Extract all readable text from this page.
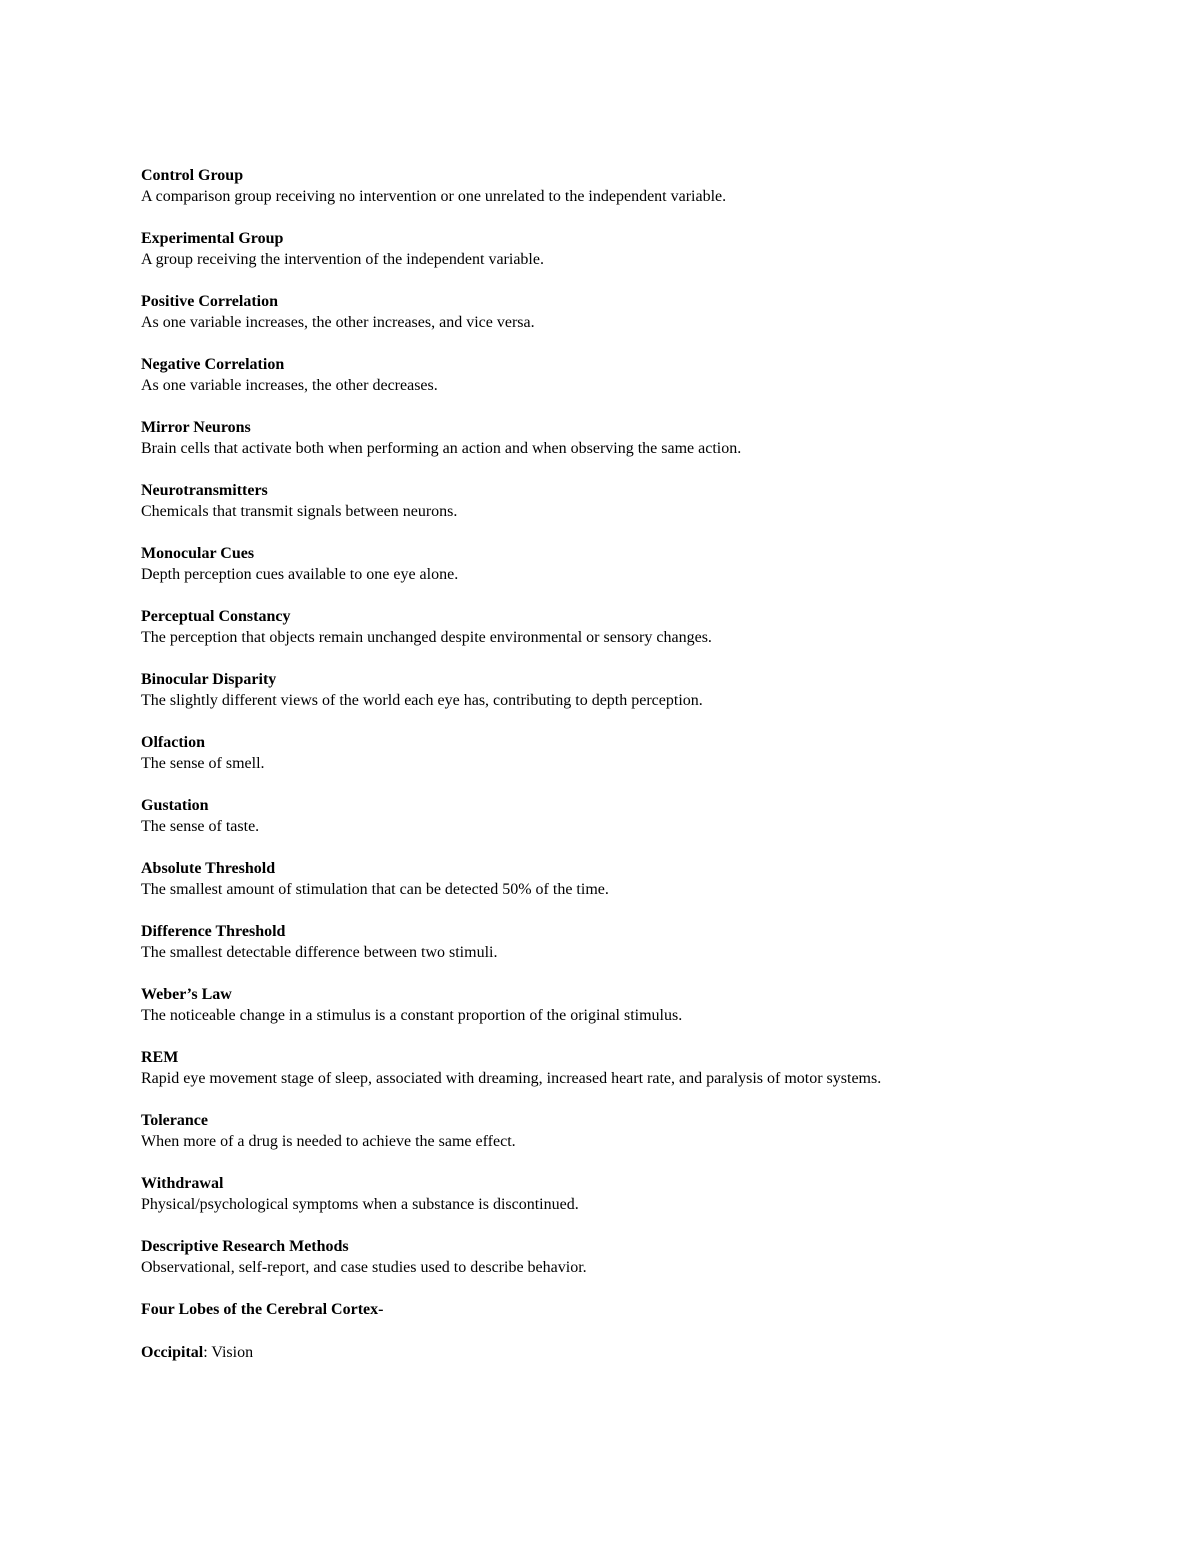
Control Group

A comparison group receiving no intervention or one unrelated to the independent variable.

Experimental Group

A group receiving the intervention of the independent variable.

Positive Correlation

As one variable increases, the other increases, and vice versa.

Negative Correlation

As one variable increases, the other decreases.

Mirror Neurons

Brain cells that activate both when performing an action and when observing the same action.

Neurotransmitters

Chemicals that transmit signals between neurons.

Monocular Cues

Depth perception cues available to one eye alone.

Perceptual Constancy

The perception that objects remain unchanged despite environmental or sensory changes.

Binocular Disparity

The slightly different views of the world each eye has, contributing to depth perception.

Olfaction

The sense of smell.

Gustation

The sense of taste.

Absolute Threshold

The smallest amount of stimulation that can be detected 50% of the time.

Difference Threshold

The smallest detectable difference between two stimuli.

Weber’s Law

The noticeable change in a stimulus is a constant proportion of the original stimulus.

REM

Rapid eye movement stage of sleep, associated with dreaming, increased heart rate, and paralysis of motor systems.

Tolerance

When more of a drug is needed to achieve the same effect.

Withdrawal

Physical/psychological symptoms when a substance is discontinued.

Descriptive Research Methods

Observational, self-report, and case studies used to describe behavior.

Four Lobes of the Cerebral Cortex-

Occipital: Vision
